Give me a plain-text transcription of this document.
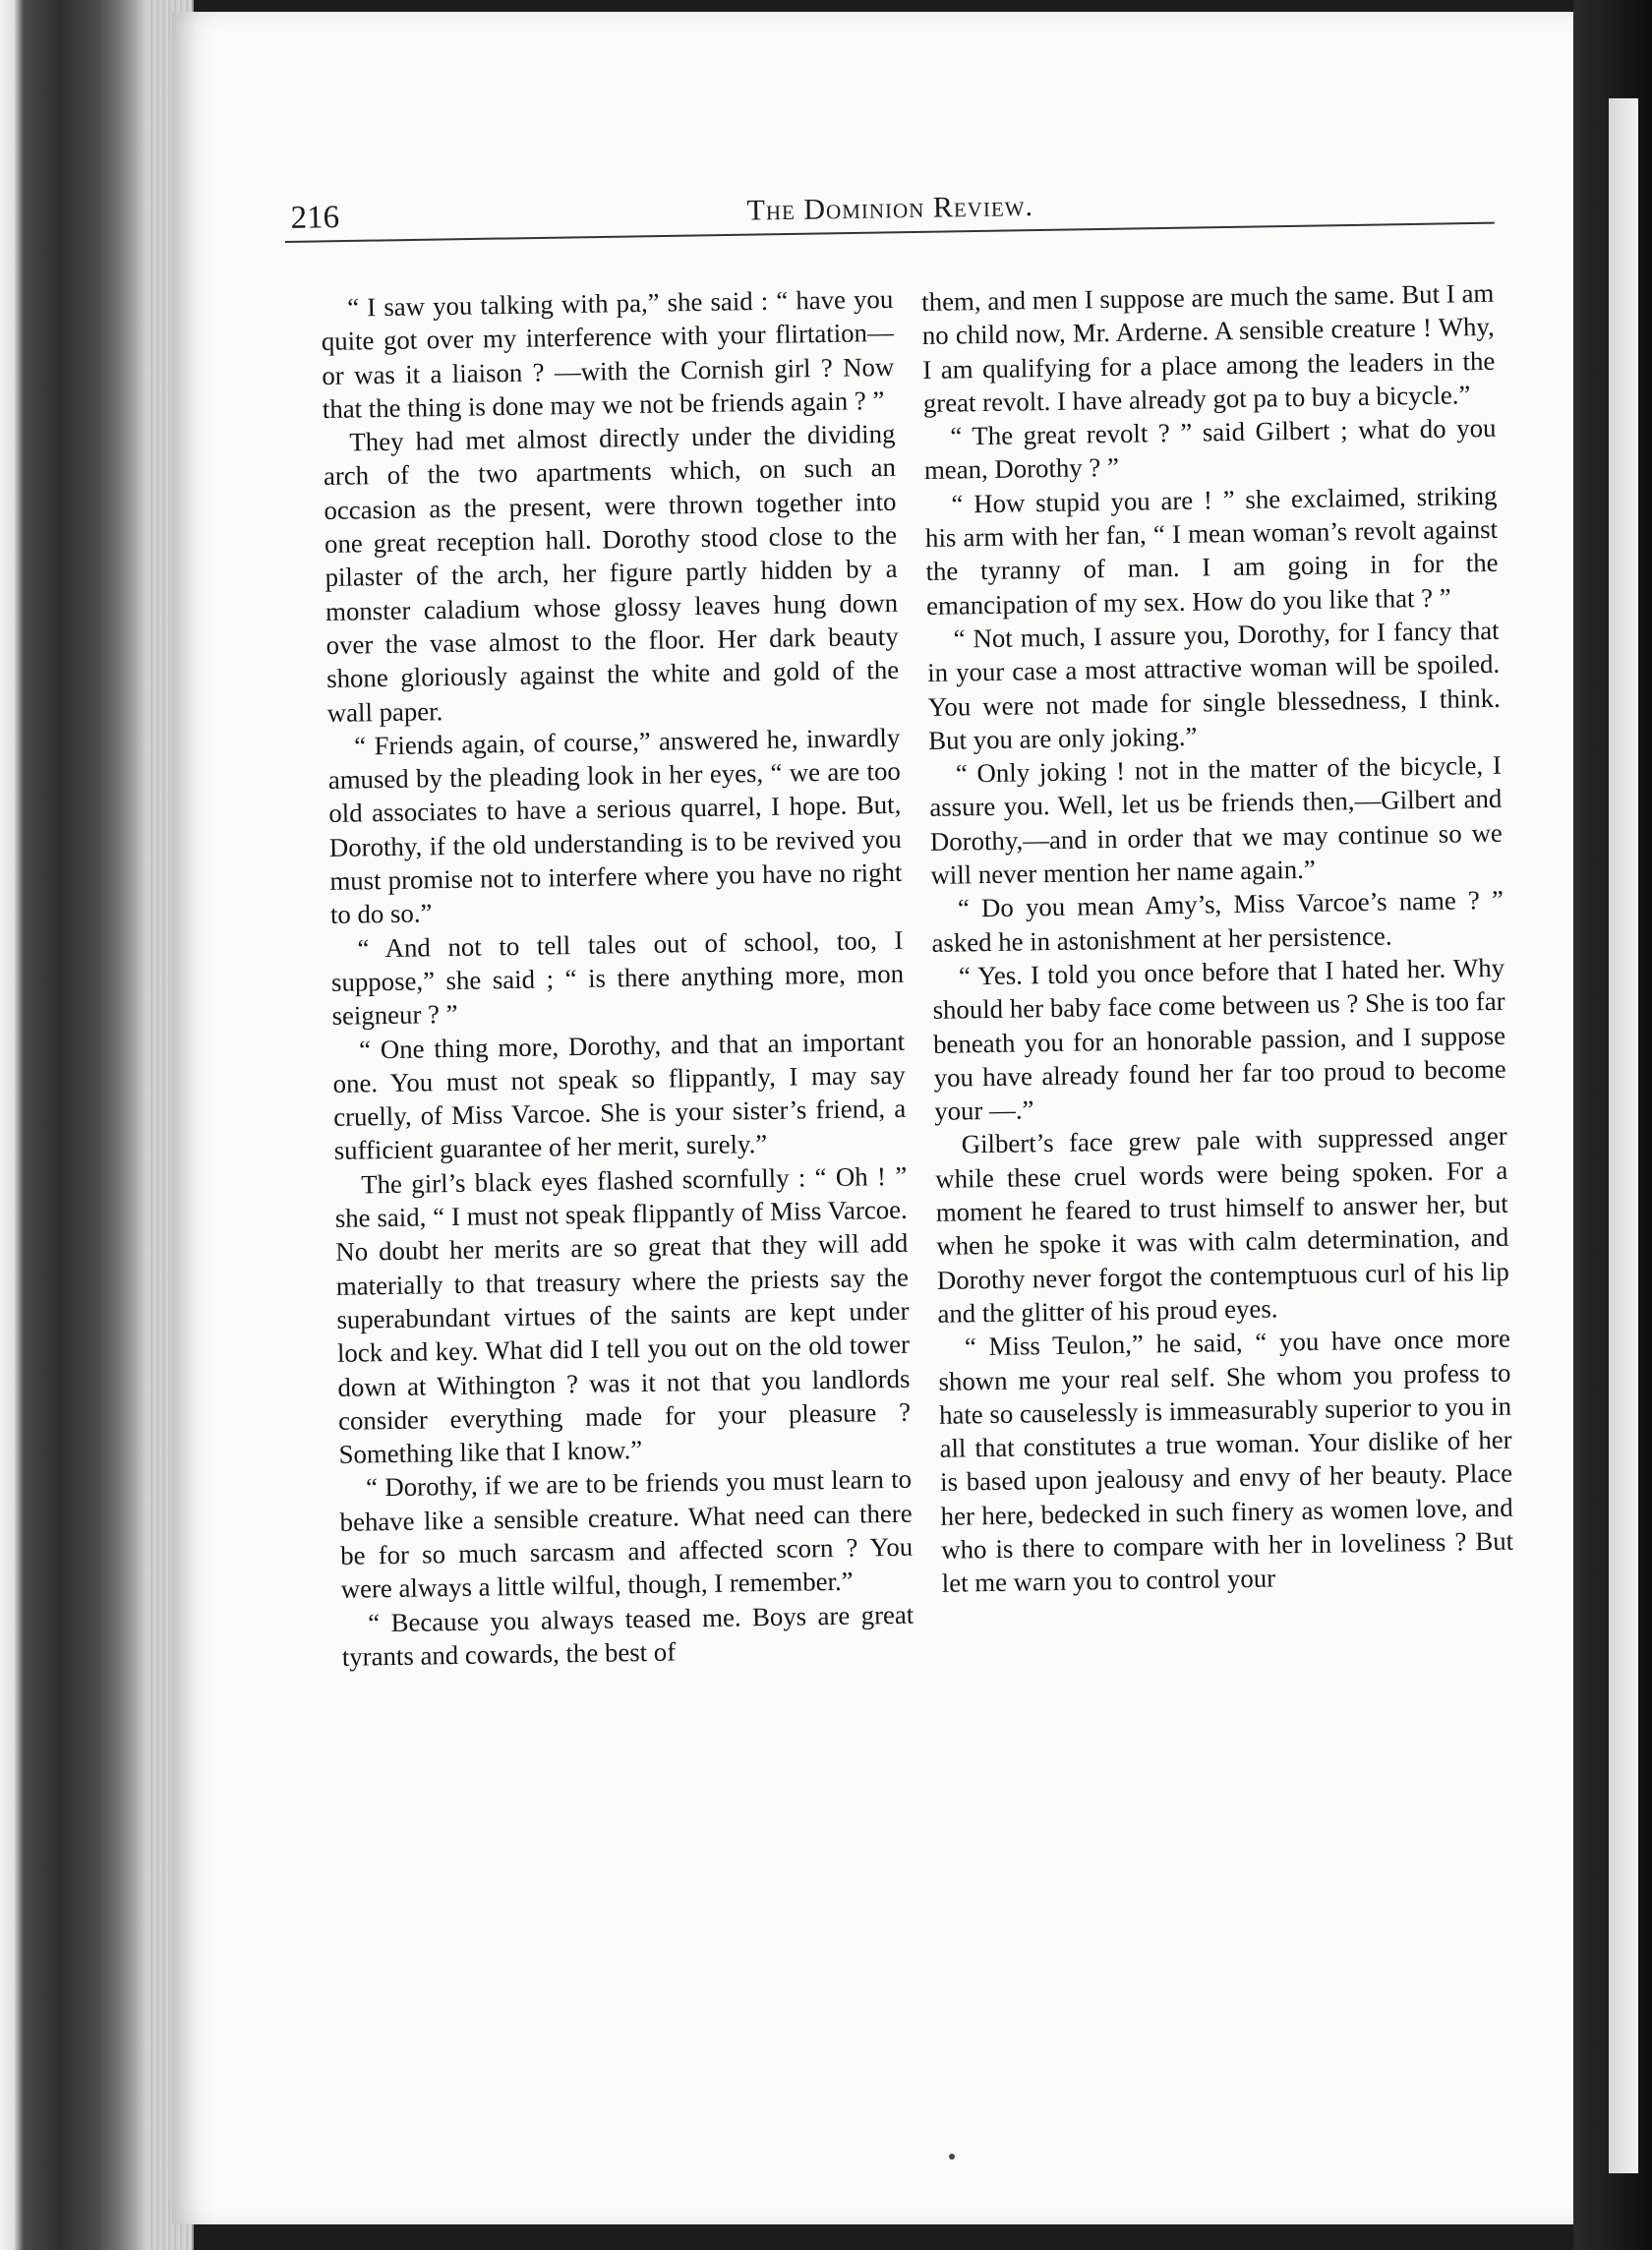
216	The Dominion Review.

“ I saw you talking with pa,” she said : “ have you quite got over my interference with your flirtation—or was it a liaison ? —with the Cornish girl ? Now that the thing is done may we not be friends again ? ”

They had met almost directly under the dividing arch of the two apartments which, on such an occasion as the present, were thrown together into one great reception hall. Dorothy stood close to the pilaster of the arch, her figure partly hidden by a monster caladium whose glossy leaves hung down over the vase almost to the floor. Her dark beauty shone gloriously against the white and gold of the wall paper.

“ Friends again, of course,” answered he, inwardly amused by the pleading look in her eyes, “ we are too old associates to have a serious quarrel, I hope. But, Dorothy, if the old understanding is to be revived you must promise not to interfere where you have no right to do so.”

“ And not to tell tales out of school, too, I suppose,” she said ; “ is there anything more, mon seigneur ? ”

“ One thing more, Dorothy, and that an important one. You must not speak so flippantly, I may say cruelly, of Miss Varcoe. She is your sister’s friend, a sufficient guarantee of her merit, surely.”

The girl’s black eyes flashed scornfully : “ Oh ! ” she said, “ I must not speak flippantly of Miss Varcoe. No doubt her merits are so great that they will add materially to that treasury where the priests say the superabundant virtues of the saints are kept under lock and key. What did I tell you out on the old tower down at Withington ? was it not that you landlords consider everything made for your pleasure ? Something like that I know.”

“ Dorothy, if we are to be friends you must learn to behave like a sensible creature. What need can there be for so much sarcasm and affected scorn ? You were always a little wilful, though, I remember.”

“ Because you always teased me. Boys are great tyrants and cowards, the best of

them, and men I suppose are much the same. But I am no child now, Mr. Arderne. A sensible creature ! Why, I am qualifying for a place among the leaders in the great revolt. I have already got pa to buy a bicycle.”

“ The great revolt ? ” said Gilbert ; what do you mean, Dorothy ? ”

“ How stupid you are ! ” she exclaimed, striking his arm with her fan, “ I mean woman’s revolt against the tyranny of man. I am going in for the emancipation of my sex. How do you like that ? ”

“ Not much, I assure you, Dorothy, for I fancy that in your case a most attractive woman will be spoiled. You were not made for single blessedness, I think. But you are only joking.”

“ Only joking ! not in the matter of the bicycle, I assure you. Well, let us be friends then,—Gilbert and Dorothy,—and in order that we may continue so we will never mention her name again.”

“ Do you mean Amy’s, Miss Varcoe’s name ? ” asked he in astonishment at her persistence.

“ Yes. I told you once before that I hated her. Why should her baby face come between us ? She is too far beneath you for an honorable passion, and I suppose you have already found her far too proud to become your —.”

Gilbert’s face grew pale with suppressed anger while these cruel words were being spoken. For a moment he feared to trust himself to answer her, but when he spoke it was with calm determination, and Dorothy never forgot the contemptuous curl of his lip and the glitter of his proud eyes.

“ Miss Teulon,” he said, “ you have once more shown me your real self. She whom you profess to hate so causelessly is immeasurably superior to you in all that constitutes a true woman. Your dislike of her is based upon jealousy and envy of her beauty. Place her here, bedecked in such finery as women love, and who is there to compare with her in loveliness ? But let me warn you to control your
